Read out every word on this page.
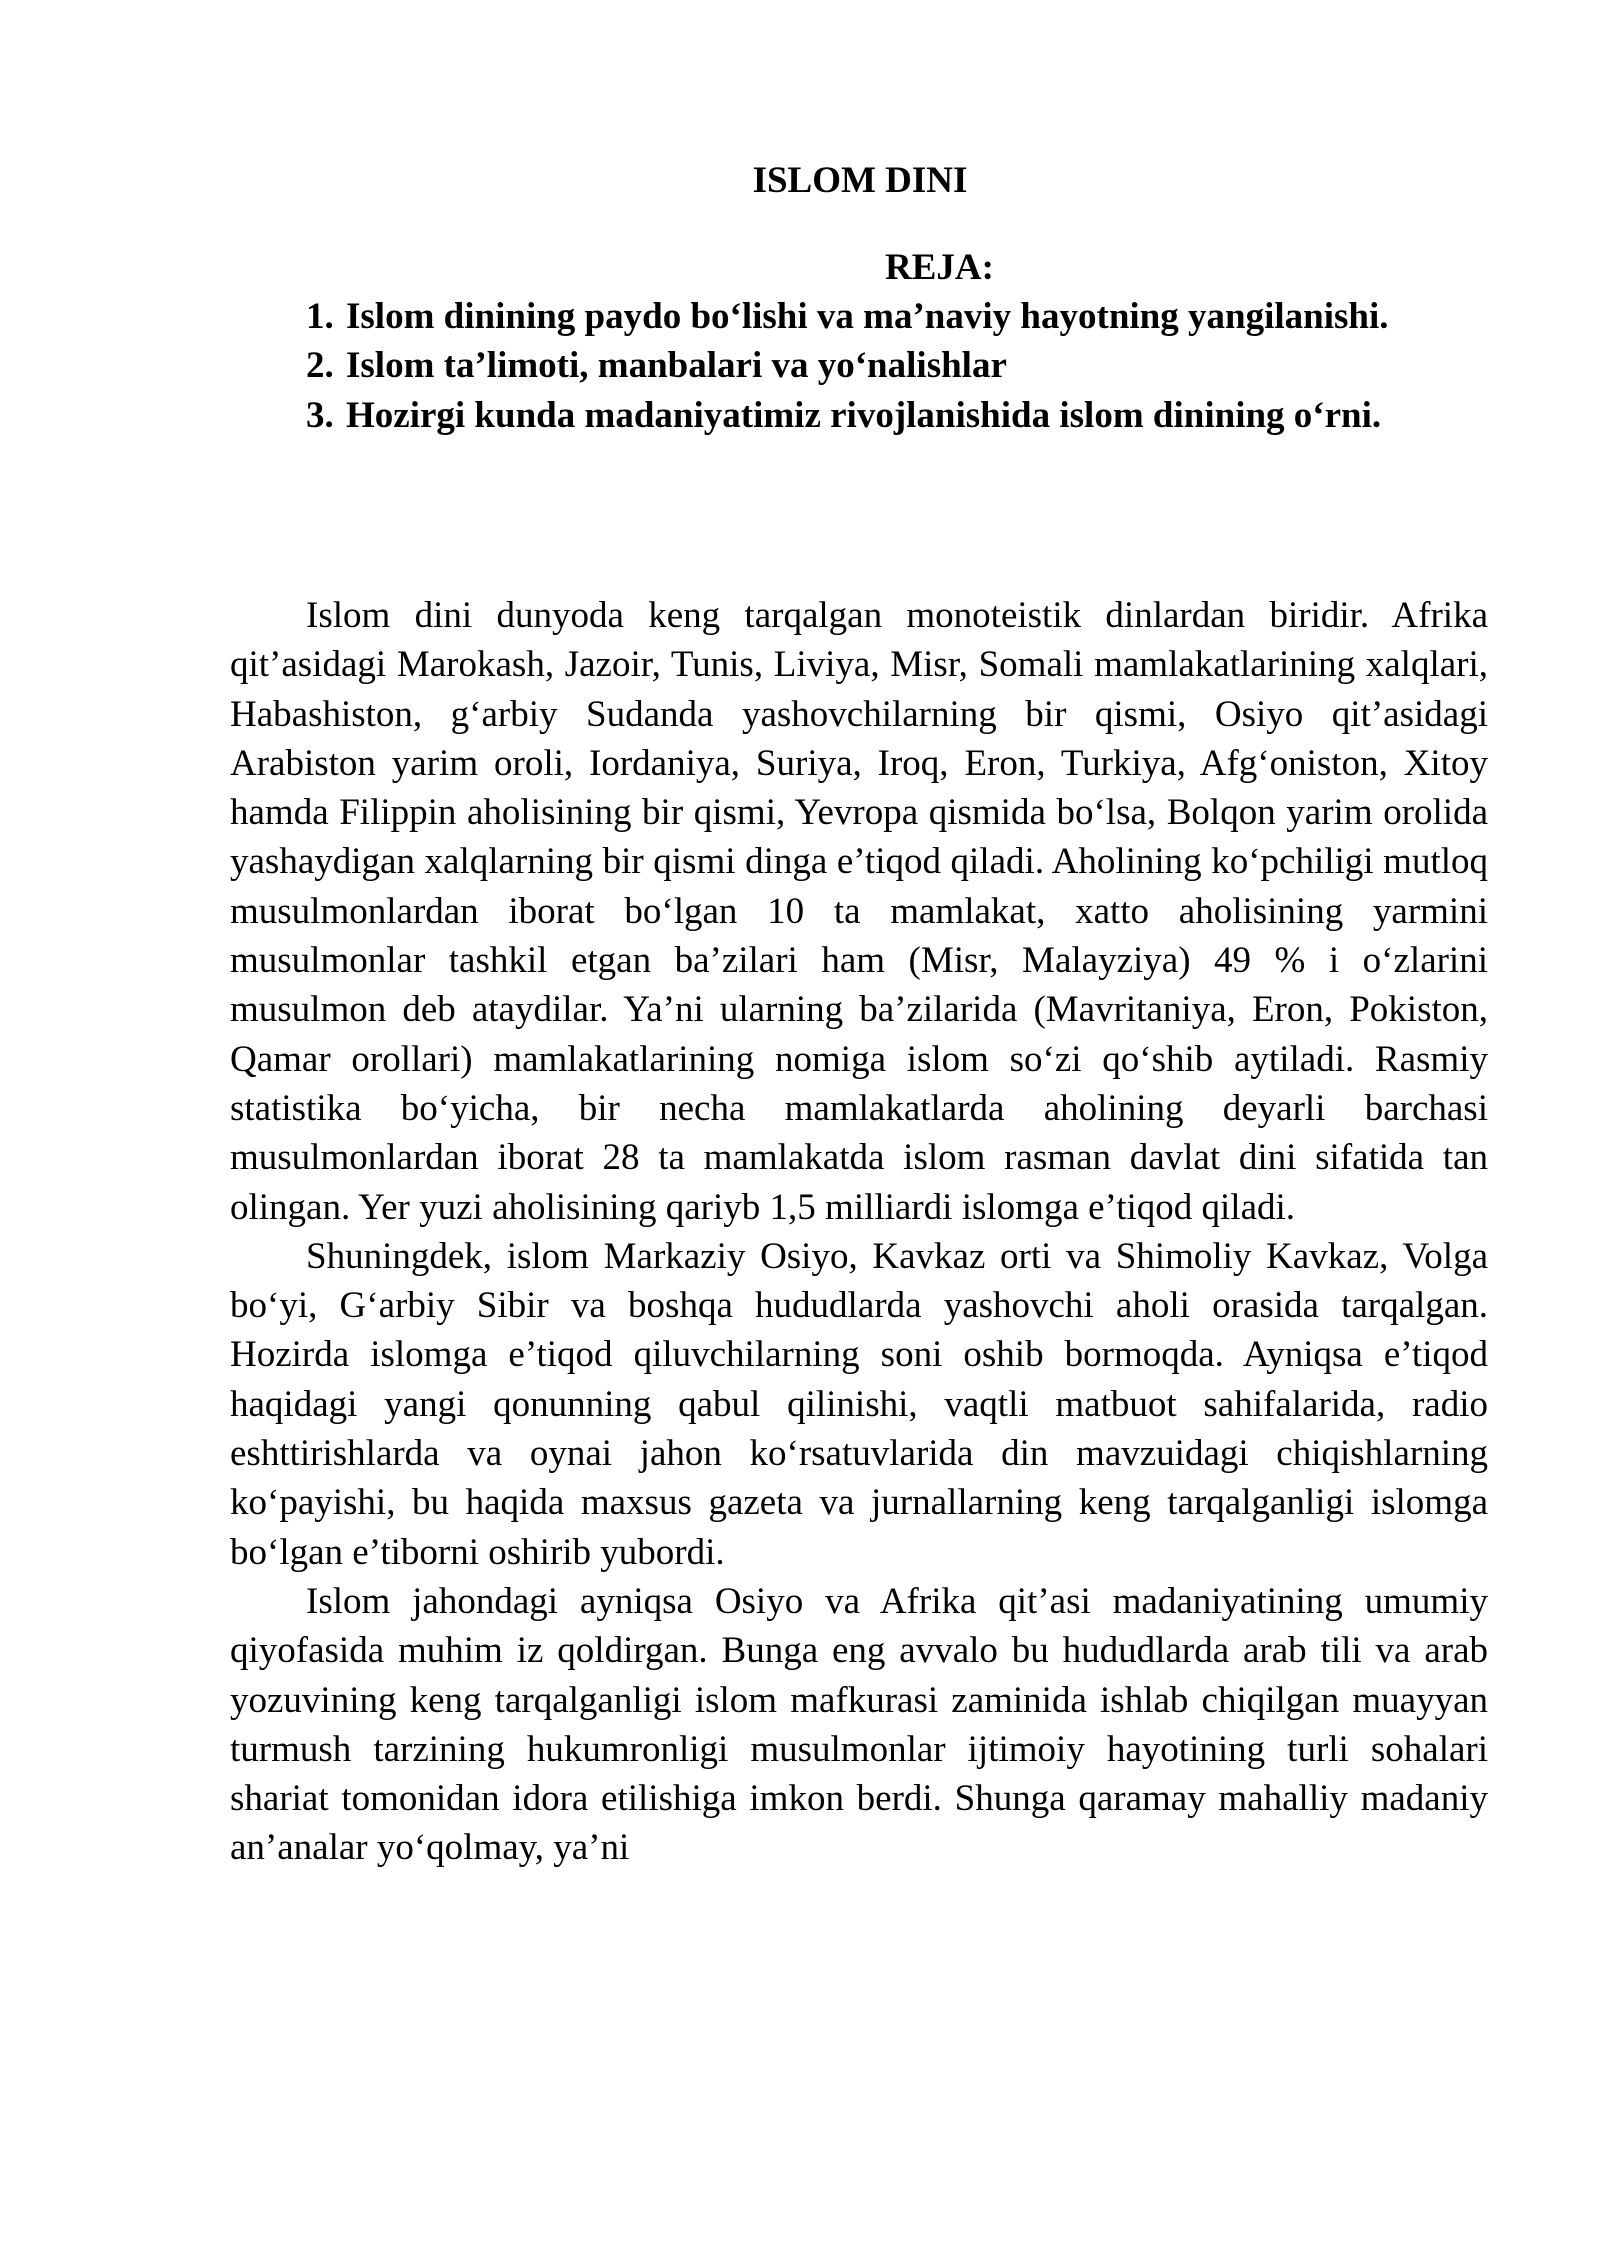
ISLOM DINI
REJA:

1. Islom dinining paydo bo‘lishi va ma’naviy hayotning yangilanishi.

2. Islom ta’limoti, manbalari va yo‘nalishlar

3. Hozirgi kunda madaniyatimiz rivojlanishida islom dinining o‘rni.

Islom dini dunyoda keng tarqalgan monoteistik dinlardan biridir. Afrika qit’asidagi Marokash, Jazoir, Tunis, Liviya, Misr, Somali mamlakatlarining xalqlari, Habashiston, g‘arbiy Sudanda yashovchilarning bir qismi, Osiyo qit’asidagi Arabiston yarim oroli, Iordaniya, Suriya, Iroq, Eron, Turkiya, Afg‘oniston, Xitoy hamda Filippin aholisining bir qismi, Yevropa qismida bo‘lsa, Bolqon yarim orolida yashaydigan xalqlarning bir qismi dinga e’tiqod qiladi. Aholining ko‘pchiligi mutloq musulmonlardan iborat bo‘lgan 10 ta mamlakat, xatto aholisining yarmini musulmonlar tashkil etgan ba’zilari ham (Misr, Malayziya) 49 % i o‘zlarini musulmon deb ataydilar. Ya’ni ularning ba’zilarida (Mavritaniya, Eron, Pokiston, Qamar orollari) mamlakatlarining nomiga islom so‘zi qo‘shib aytiladi. Rasmiy statistika bo‘yicha, bir necha mamlakatlarda aholining deyarli barchasi musulmonlardan iborat 28 ta mamlakatda islom rasman davlat dini sifatida tan olingan. Yer yuzi aholisining qariyb 1,5 milliardi islomga e’tiqod qiladi.

Shuningdek, islom Markaziy Osiyo, Kavkaz orti va Shimoliy Kavkaz, Volga bo‘yi, G‘arbiy Sibir va boshqa hududlarda yashovchi aholi orasida tarqalgan. Hozirda islomga e’tiqod qiluvchilarning soni oshib bormoqda. Ayniqsa e’tiqod haqidagi yangi qonunning qabul qilinishi, vaqtli matbuot sahifalarida, radio eshttirishlarda va oynai jahon ko‘rsatuvlarida din mavzuidagi chiqishlarning ko‘payishi, bu haqida maxsus gazeta va jurnallarning keng tarqalganligi islomga bo‘lgan e’tiborni oshirib yubordi.

Islom jahondagi ayniqsa Osiyo va Afrika qit’asi madaniyatining umumiy qiyofasida muhim iz qoldirgan. Bunga eng avvalo bu hududlarda arab tili va arab yozuvining keng tarqalganligi islom mafkurasi zaminida ishlab chiqilgan muayyan turmush tarzining hukumronligi musulmonlar ijtimoiy hayotining turli sohalari shariat tomonidan idora etilishiga imkon berdi. Shunga qaramay mahalliy madaniy an’analar yo‘qolmay, ya’ni
